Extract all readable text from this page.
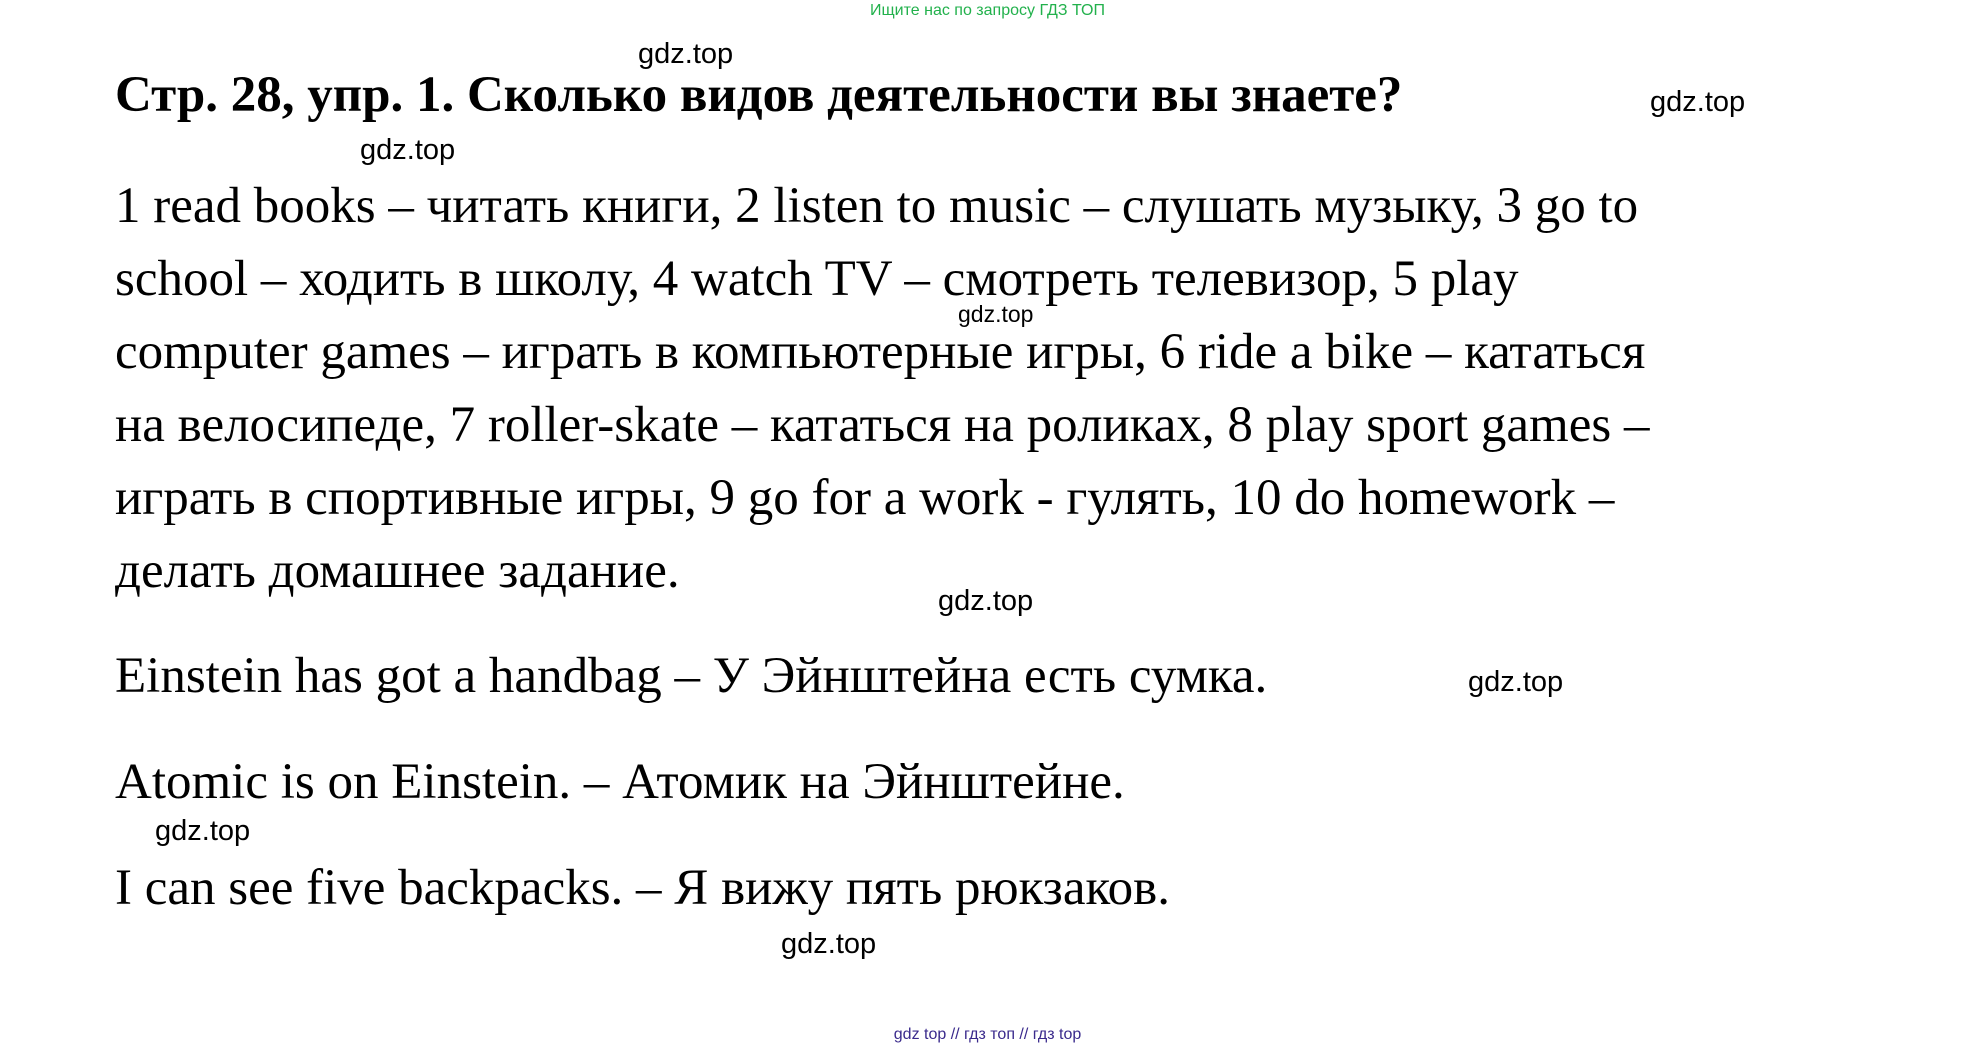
Ищите нас по запросу ГДЗ ТОП
Стр. 28, упр. 1. Сколько видов деятельности вы знаете?
1 read books – читать книги, 2 listen to music – слушать музыку, 3 go to
school – ходить в школу, 4 watch TV – смотреть телевизор, 5 play
computer games – играть в компьютерные игры, 6 ride a bike – кататься
на велосипеде, 7 roller-skate – кататься на роликах, 8 play sport games –
играть в спортивные игры, 9 go for a work - гулять, 10 do homework –
делать домашнее задание.
Einstein has got a handbag – У Эйнштейна есть сумка.
Atomic is on Einstein. – Атомик на Эйнштейне.
I can see five backpacks. – Я вижу пять рюкзаков.
gdz.top
gdz.top
gdz.top
gdz.top
gdz.top
gdz.top
gdz.top
gdz.top
gdz top // гдз топ // гдз top
